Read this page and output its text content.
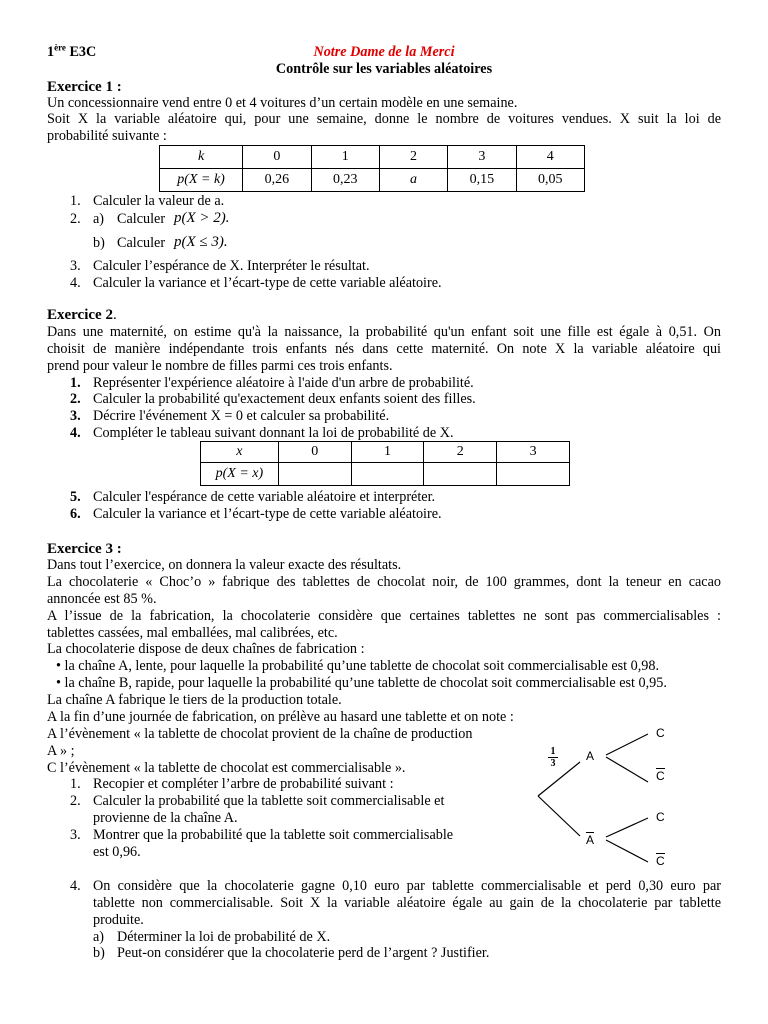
1ère E3C	Notre Dame de la Merci
Contrôle sur les variables aléatoires
Exercice 1 :
Un concessionnaire vend entre 0 et 4 voitures d’un certain modèle en une semaine.
Soit X la variable aléatoire qui, pour une semaine, donne le nombre de voitures vendues. X suit la loi de
probabilité suivante :
k	0	1	2	3	4
p(X = k)	0,26	0,23	a	0,15	0,05
1. Calculer la valeur de a.
2. a) Calculer p(X > 2).
b) Calculer p(X ≤ 3).
3. Calculer l’espérance de X. Interpréter le résultat.
4. Calculer la variance et l’écart-type de cette variable aléatoire.
Exercice 2.
Dans une maternité, on estime qu'à la naissance, la probabilité qu'un enfant soit une fille est égale à 0,51. On
choisit de manière indépendante trois enfants nés dans cette maternité. On note X la variable aléatoire qui
prend pour valeur le nombre de filles parmi ces trois enfants.
1. Représenter l'expérience aléatoire à l'aide d'un arbre de probabilité.
2. Calculer la probabilité qu'exactement deux enfants soient des filles.
3. Décrire l'événement X = 0 et calculer sa probabilité.
4. Compléter le tableau suivant donnant la loi de probabilité de X.
x	0	1	2	3
p(X = x)				
5. Calculer l'espérance de cette variable aléatoire et interpréter.
6. Calculer la variance et l’écart-type de cette variable aléatoire.
Exercice 3 :
Dans tout l’exercice, on donnera la valeur exacte des résultats.
La chocolaterie « Choc’o » fabrique des tablettes de chocolat noir, de 100 grammes, dont la teneur en cacao
annoncée est 85 %.
A l’issue de la fabrication, la chocolaterie considère que certaines tablettes ne sont pas commercialisables :
tablettes cassées, mal emballées, mal calibrées, etc.
La chocolaterie dispose de deux chaînes de fabrication :
• la chaîne A, lente, pour laquelle la probabilité qu’une tablette de chocolat soit commercialisable est 0,98.
• la chaîne B, rapide, pour laquelle la probabilité qu’une tablette de chocolat soit commercialisable est 0,95.
La chaîne A fabrique le tiers de la production totale.
A la fin d’une journée de fabrication, on prélève au hasard une tablette et on note :
A l’évènement « la tablette de chocolat provient de la chaîne de production
A » ;
C l’évènement « la tablette de chocolat est commercialisable ».
1. Recopier et compléter l’arbre de probabilité suivant :
2. Calculer la probabilité que la tablette soit commercialisable et
provienne de la chaîne A.
3. Montrer que la probabilité que la tablette soit commercialisable
est 0,96.
1
3
A
A
C
C
C
C
4. On considère que la chocolaterie gagne 0,10 euro par tablette commercialisable et perd 0,30 euro par
tablette non commercialisable. Soit X la variable aléatoire égale au gain de la chocolaterie par tablette
produite.
a) Déterminer la loi de probabilité de X.
b) Peut-on considérer que la chocolaterie perd de l’argent ? Justifier.
